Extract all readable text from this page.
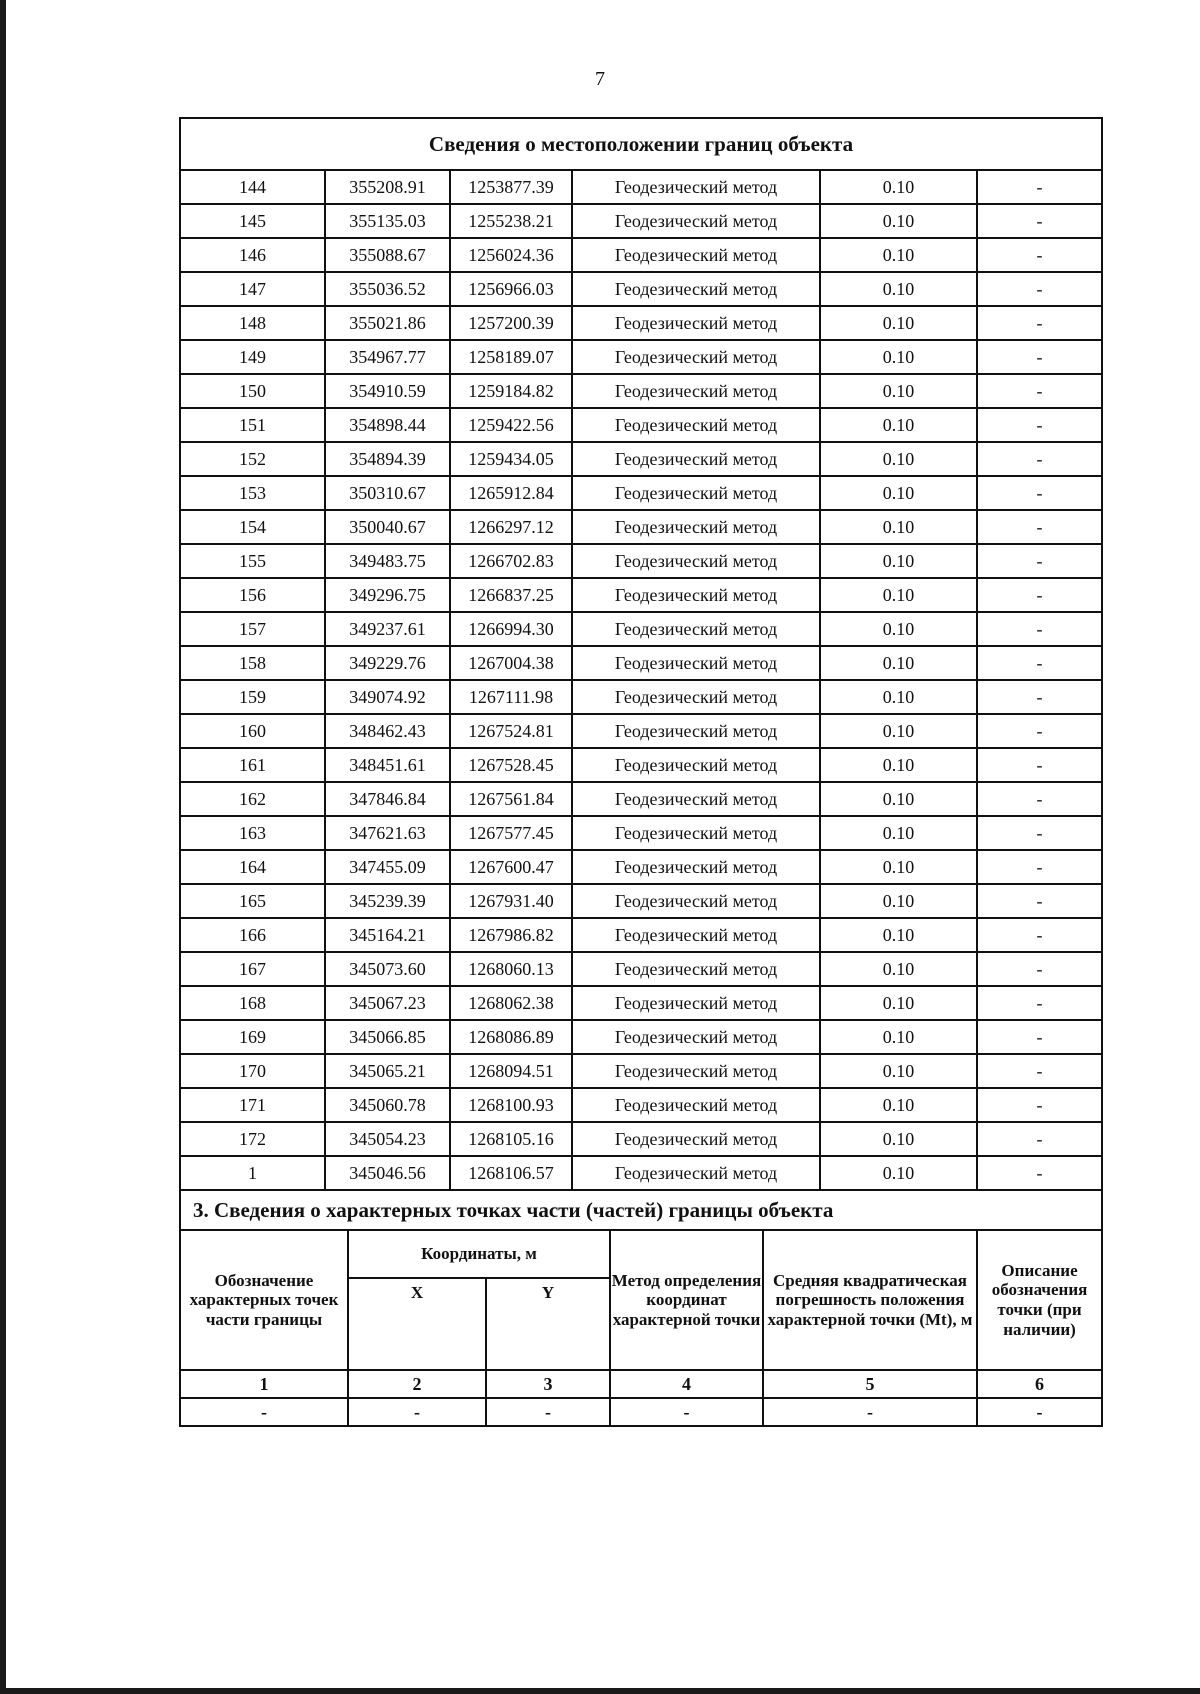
7
Сведения о местоположении границ объекта					
144	355208.91	1253877.39	Геодезический метод	0.10	-
145	355135.03	1255238.21	Геодезический метод	0.10	-
146	355088.67	1256024.36	Геодезический метод	0.10	-
147	355036.52	1256966.03	Геодезический метод	0.10	-
148	355021.86	1257200.39	Геодезический метод	0.10	-
149	354967.77	1258189.07	Геодезический метод	0.10	-
150	354910.59	1259184.82	Геодезический метод	0.10	-
151	354898.44	1259422.56	Геодезический метод	0.10	-
152	354894.39	1259434.05	Геодезический метод	0.10	-
153	350310.67	1265912.84	Геодезический метод	0.10	-
154	350040.67	1266297.12	Геодезический метод	0.10	-
155	349483.75	1266702.83	Геодезический метод	0.10	-
156	349296.75	1266837.25	Геодезический метод	0.10	-
157	349237.61	1266994.30	Геодезический метод	0.10	-
158	349229.76	1267004.38	Геодезический метод	0.10	-
159	349074.92	1267111.98	Геодезический метод	0.10	-
160	348462.43	1267524.81	Геодезический метод	0.10	-
161	348451.61	1267528.45	Геодезический метод	0.10	-
162	347846.84	1267561.84	Геодезический метод	0.10	-
163	347621.63	1267577.45	Геодезический метод	0.10	-
164	347455.09	1267600.47	Геодезический метод	0.10	-
165	345239.39	1267931.40	Геодезический метод	0.10	-
166	345164.21	1267986.82	Геодезический метод	0.10	-
167	345073.60	1268060.13	Геодезический метод	0.10	-
168	345067.23	1268062.38	Геодезический метод	0.10	-
169	345066.85	1268086.89	Геодезический метод	0.10	-
170	345065.21	1268094.51	Геодезический метод	0.10	-
171	345060.78	1268100.93	Геодезический метод	0.10	-
172	345054.23	1268105.16	Геодезический метод	0.10	-
1	345046.56	1268106.57	Геодезический метод	0.10	-
3. Сведения о характерных точках части (частей) границы объекта					
Обозначение характерных точек части границы	Координаты, м		Метод определения координат характерной точки	Средняя квадратическая погрешность положения характерной точки (Mt), м	Описание обозначения точки (при наличии)
	X	Y			
1	2	3	4	5	6
-	-	-	-	-	-
